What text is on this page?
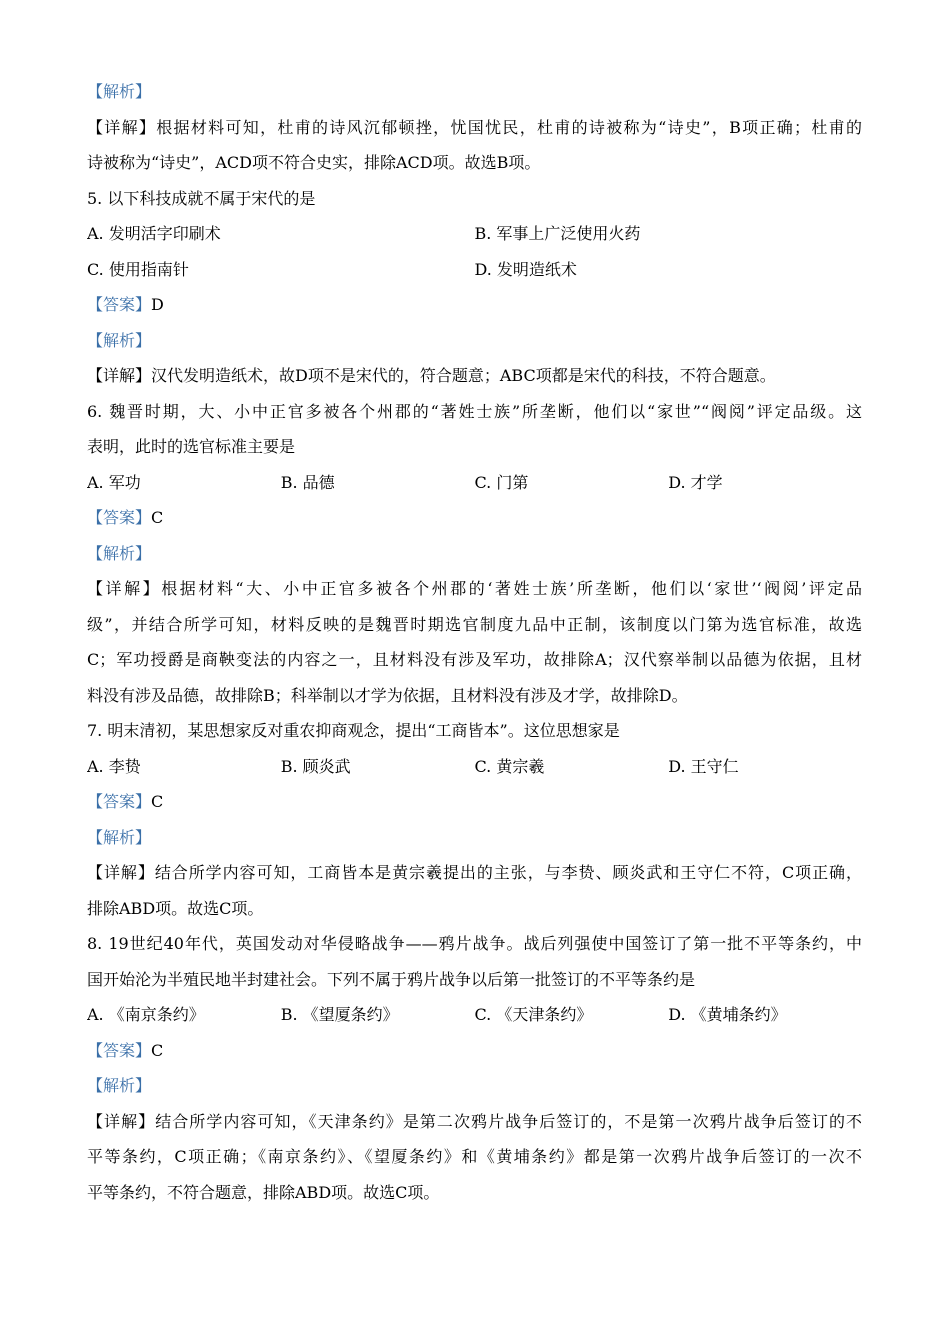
【解析】
【详解】根据材料可知，杜甫的诗风沉郁顿挫，忧国忧民，杜甫的诗被称为“诗史”，B项正确；杜甫的
诗被称为“诗史”，ACD项不符合史实，排除ACD项。故选B项。
5. 以下科技成就不属于宋代的是
A. 发明活字印刷术	B. 军事上广泛使用火药
C. 使用指南针	D. 发明造纸术
【答案】D
【解析】
【详解】汉代发明造纸术，故D项不是宋代的，符合题意；ABC项都是宋代的科技，不符合题意。
6. 魏晋时期，大、小中正官多被各个州郡的“著姓士族”所垄断，他们以“家世”“阀阅”评定品级。这
表明，此时的选官标准主要是
A. 军功	B. 品德	C. 门第	D. 才学
【答案】C
【解析】
【详解】根据材料“大、小中正官多被各个州郡的‘著姓士族’所垄断，他们以‘家世’‘阀阅’评定品
级”，并结合所学可知，材料反映的是魏晋时期选官制度九品中正制，该制度以门第为选官标准，故选
C；军功授爵是商鞅变法的内容之一，且材料没有涉及军功，故排除A；汉代察举制以品德为依据，且材
料没有涉及品德，故排除B；科举制以才学为依据，且材料没有涉及才学，故排除D。
7. 明末清初，某思想家反对重农抑商观念，提出“工商皆本”。这位思想家是
A. 李贽	B. 顾炎武	C. 黄宗羲	D. 王守仁
【答案】C
【解析】
【详解】结合所学内容可知，工商皆本是黄宗羲提出的主张，与李贽、顾炎武和王守仁不符，C项正确，
排除ABD项。故选C项。
8. 19世纪40年代，英国发动对华侵略战争——鸦片战争。战后列强使中国签订了第一批不平等条约，中
国开始沦为半殖民地半封建社会。下列不属于鸦片战争以后第一批签订的不平等条约是
A. 《南京条约》	B. 《望厦条约》	C. 《天津条约》	D. 《黄埔条约》
【答案】C
【解析】
【详解】结合所学内容可知，《天津条约》是第二次鸦片战争后签订的，不是第一次鸦片战争后签订的不
平等条约，C项正确；《南京条约》、《望厦条约》和《黄埔条约》都是第一次鸦片战争后签订的一次不
平等条约，不符合题意，排除ABD项。故选C项。
